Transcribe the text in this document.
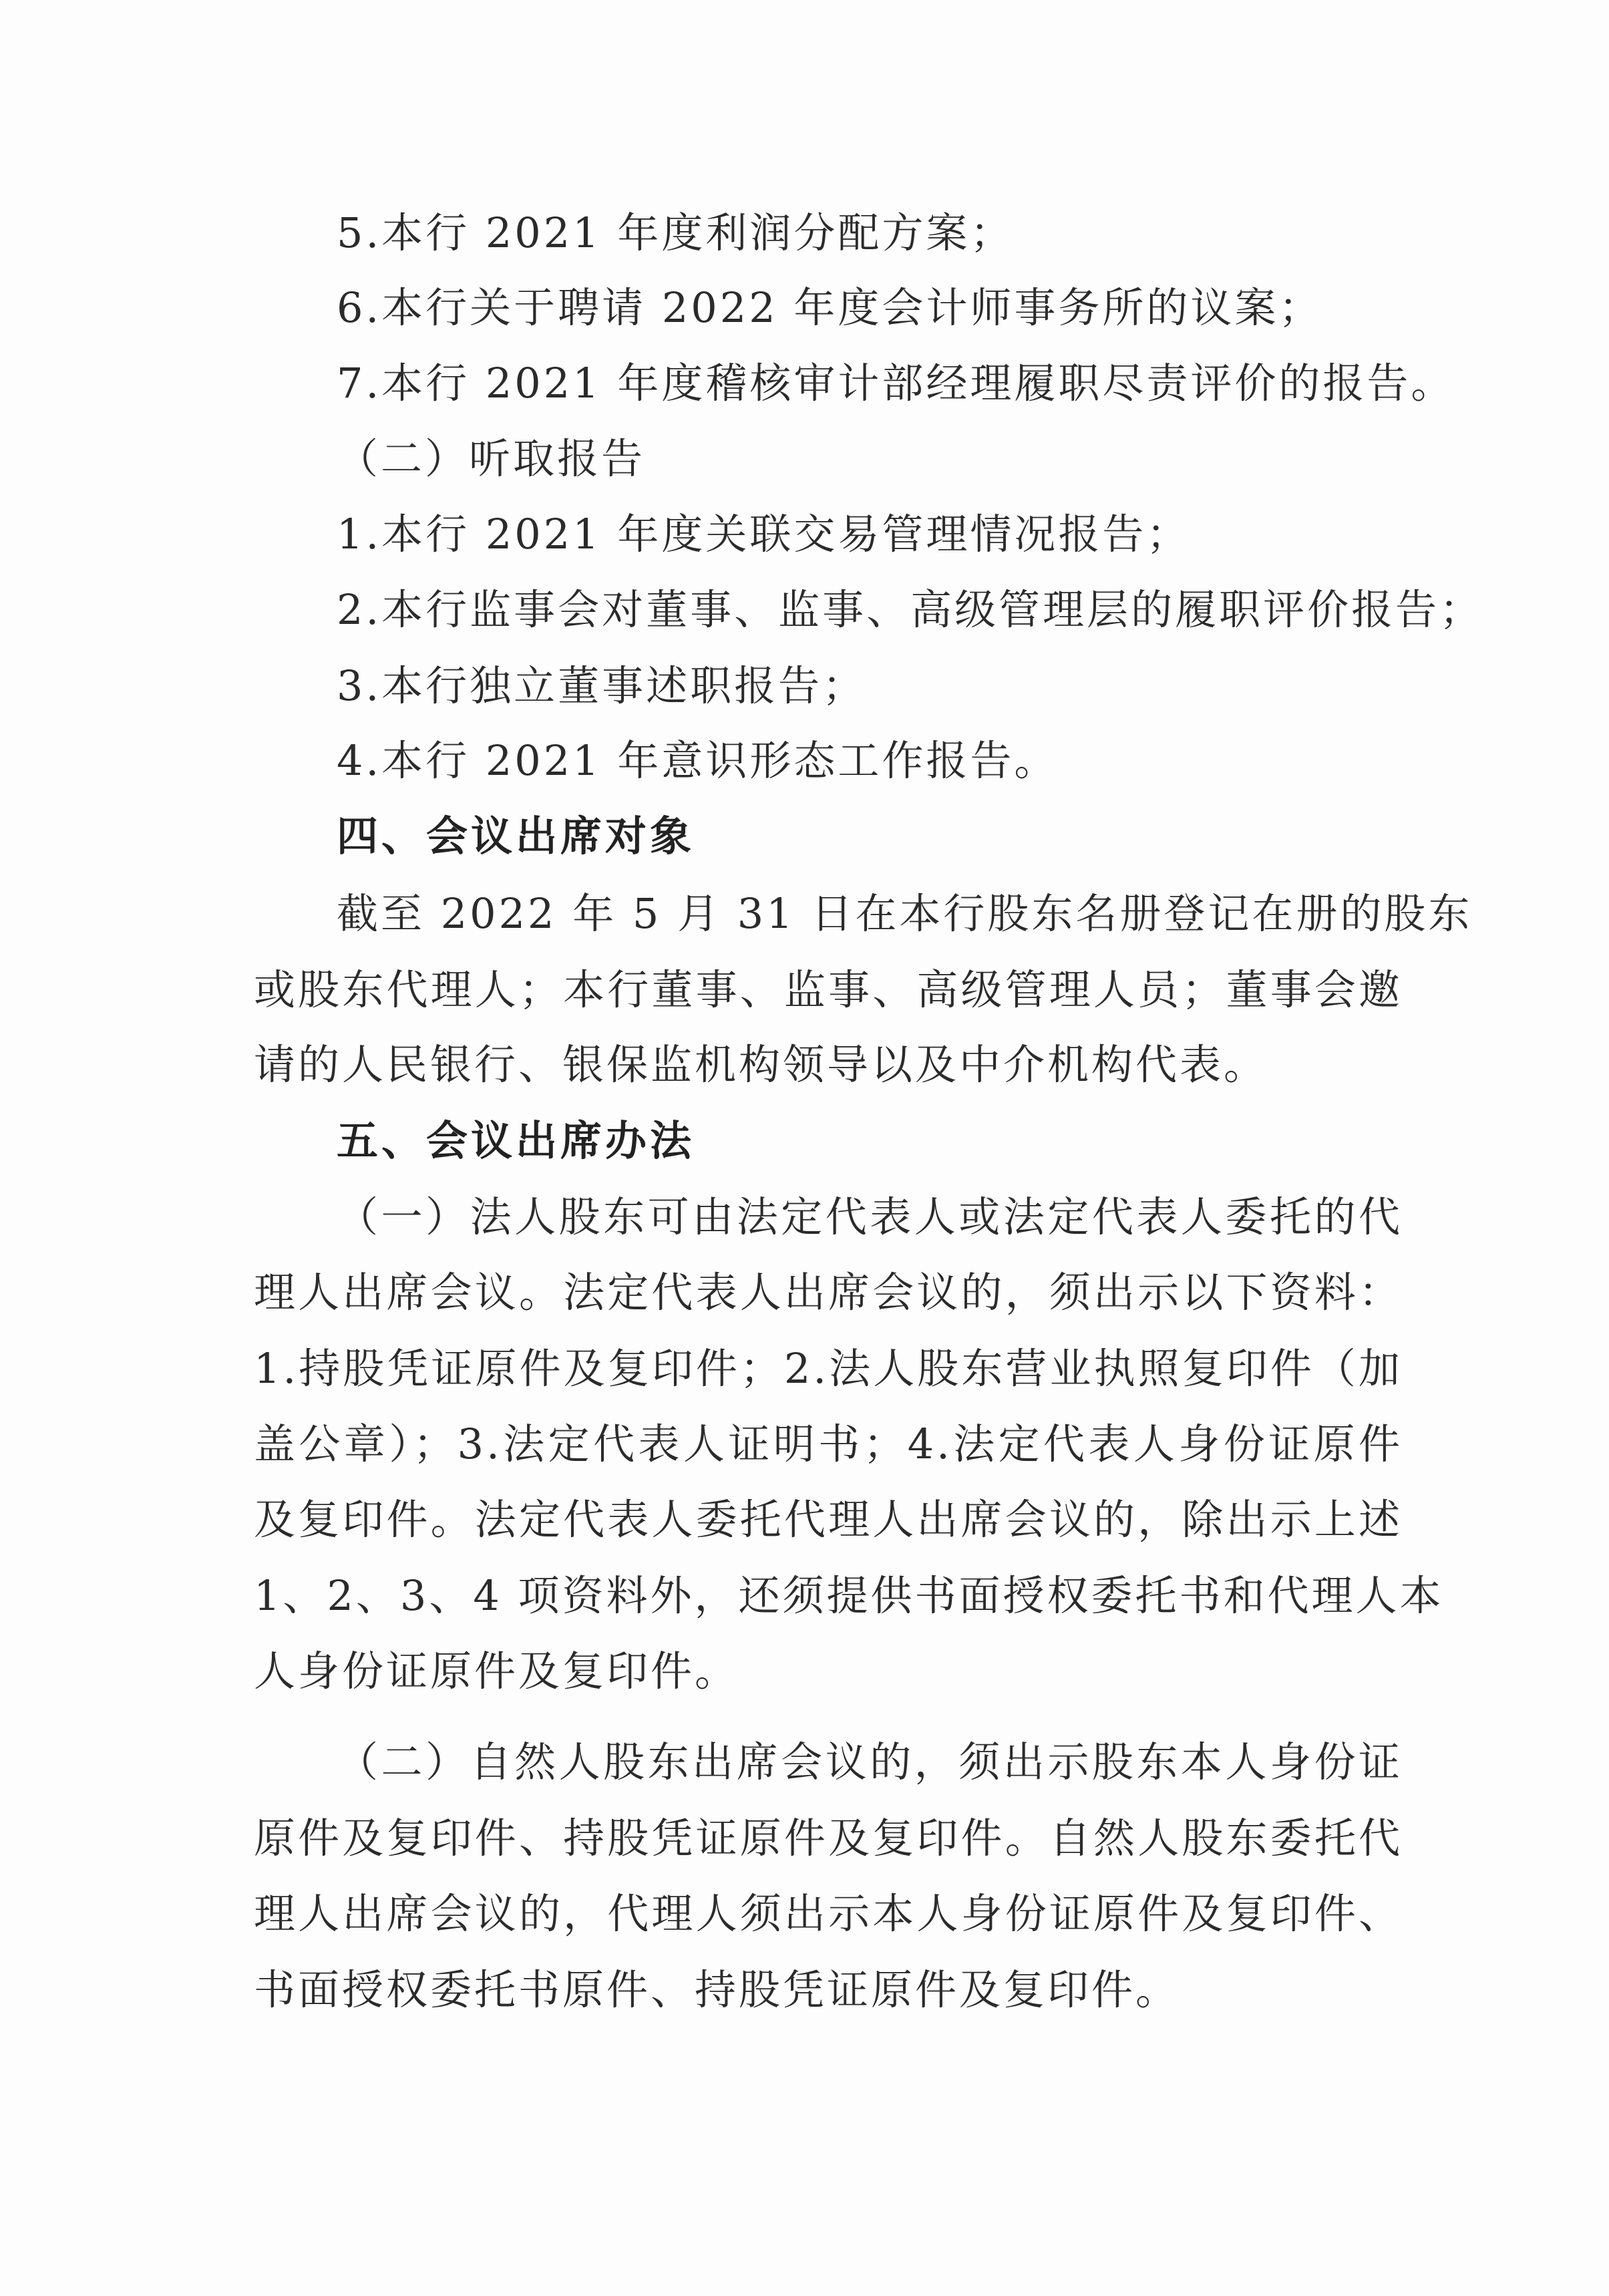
5.本行 2021 年度利润分配方案；
6.本行关于聘请 2022 年度会计师事务所的议案；
7.本行 2021 年度稽核审计部经理履职尽责评价的报告。
（二）听取报告
1.本行 2021 年度关联交易管理情况报告；
2.本行监事会对董事、监事、高级管理层的履职评价报告；
3.本行独立董事述职报告；
4.本行 2021 年意识形态工作报告。
四、会议出席对象
截至 2022 年 5 月 31 日在本行股东名册登记在册的股东
或股东代理人；本行董事、监事、高级管理人员；董事会邀
请的人民银行、银保监机构领导以及中介机构代表。
五、会议出席办法
（一）法人股东可由法定代表人或法定代表人委托的代
理人出席会议。法定代表人出席会议的，须出示以下资料：
1.持股凭证原件及复印件；2.法人股东营业执照复印件（加
盖公章）；3.法定代表人证明书；4.法定代表人身份证原件
及复印件。法定代表人委托代理人出席会议的，除出示上述
1、2、3、4 项资料外，还须提供书面授权委托书和代理人本
人身份证原件及复印件。
（二）自然人股东出席会议的，须出示股东本人身份证
原件及复印件、持股凭证原件及复印件。自然人股东委托代
理人出席会议的，代理人须出示本人身份证原件及复印件、
书面授权委托书原件、持股凭证原件及复印件。
